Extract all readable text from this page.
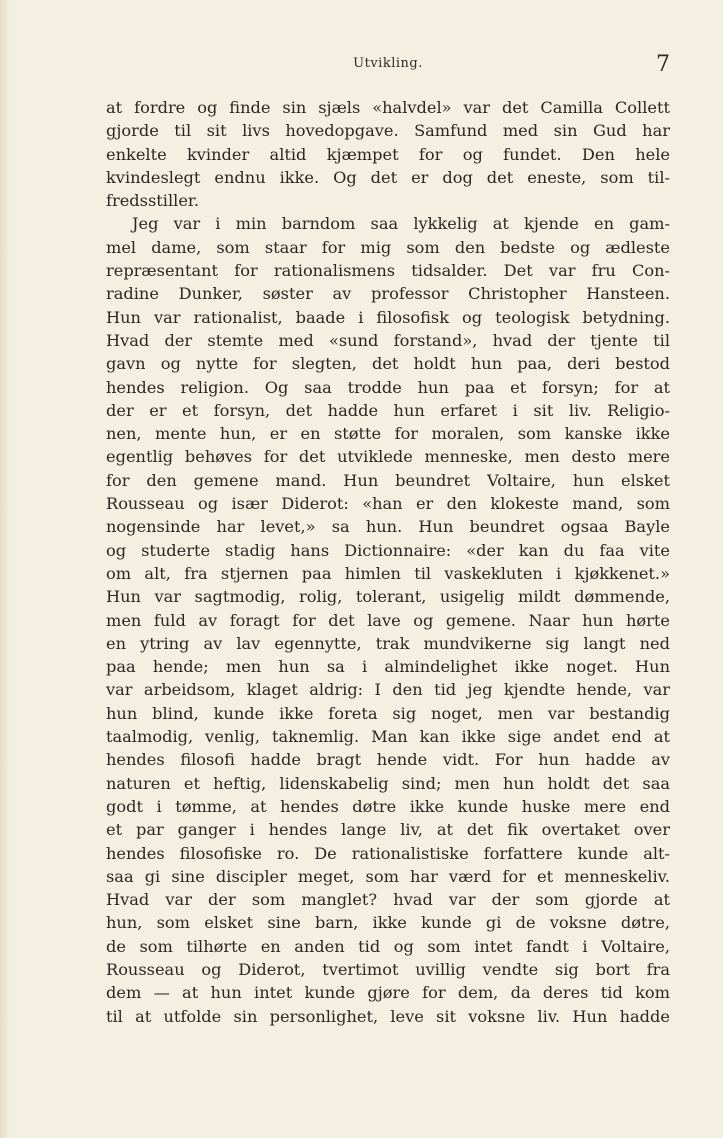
Utvikling.	7
at fordre og finde sin sjæls «halvdel» var det Camilla Collett
gjorde til sit livs hovedopgave. Samfund med sin Gud har
enkelte kvinder altid kjæmpet for og fundet. Den hele
kvindeslegt endnu ikke. Og det er dog det eneste, som til-
fredsstiller.
Jeg var i min barndom saa lykkelig at kjende en gam-
mel dame, som staar for mig som den bedste og ædleste
repræsentant for rationalismens tidsalder. Det var fru Con-
radine Dunker, søster av professor Christopher Hansteen.
Hun var rationalist, baade i filosofisk og teologisk betydning.
Hvad der stemte med «sund forstand», hvad der tjente til
gavn og nytte for slegten, det holdt hun paa, deri bestod
hendes religion. Og saa trodde hun paa et forsyn; for at
der er et forsyn, det hadde hun erfaret i sit liv. Religio-
nen, mente hun, er en støtte for moralen, som kanske ikke
egentlig behøves for det utviklede menneske, men desto mere
for den gemene mand. Hun beundret Voltaire, hun elsket
Rousseau og især Diderot: «han er den klokeste mand, som
nogensinde har levet,» sa hun. Hun beundret ogsaa Bayle
og studerte stadig hans Dictionnaire: «der kan du faa vite
om alt, fra stjernen paa himlen til vaskekluten i kjøkkenet.»
Hun var sagtmodig, rolig, tolerant, usigelig mildt dømmende,
men fuld av foragt for det lave og gemene. Naar hun hørte
en ytring av lav egennytte, trak mundvikerne sig langt ned
paa hende; men hun sa i almindelighet ikke noget. Hun
var arbeidsom, klaget aldrig: I den tid jeg kjendte hende, var
hun blind, kunde ikke foreta sig noget, men var bestandig
taalmodig, venlig, taknemlig. Man kan ikke sige andet end at
hendes filosofi hadde bragt hende vidt. For hun hadde av
naturen et heftig, lidenskabelig sind; men hun holdt det saa
godt i tømme, at hendes døtre ikke kunde huske mere end
et par ganger i hendes lange liv, at det fik overtaket over
hendes filosofiske ro. De rationalistiske forfattere kunde alt-
saa gi sine discipler meget, som har værd for et menneskeliv.
Hvad var der som manglet? hvad var der som gjorde at
hun, som elsket sine barn, ikke kunde gi de voksne døtre,
de som tilhørte en anden tid og som intet fandt i Voltaire,
Rousseau og Diderot, tvertimot uvillig vendte sig bort fra
dem — at hun intet kunde gjøre for dem, da deres tid kom
til at utfolde sin personlighet, leve sit voksne liv. Hun hadde
